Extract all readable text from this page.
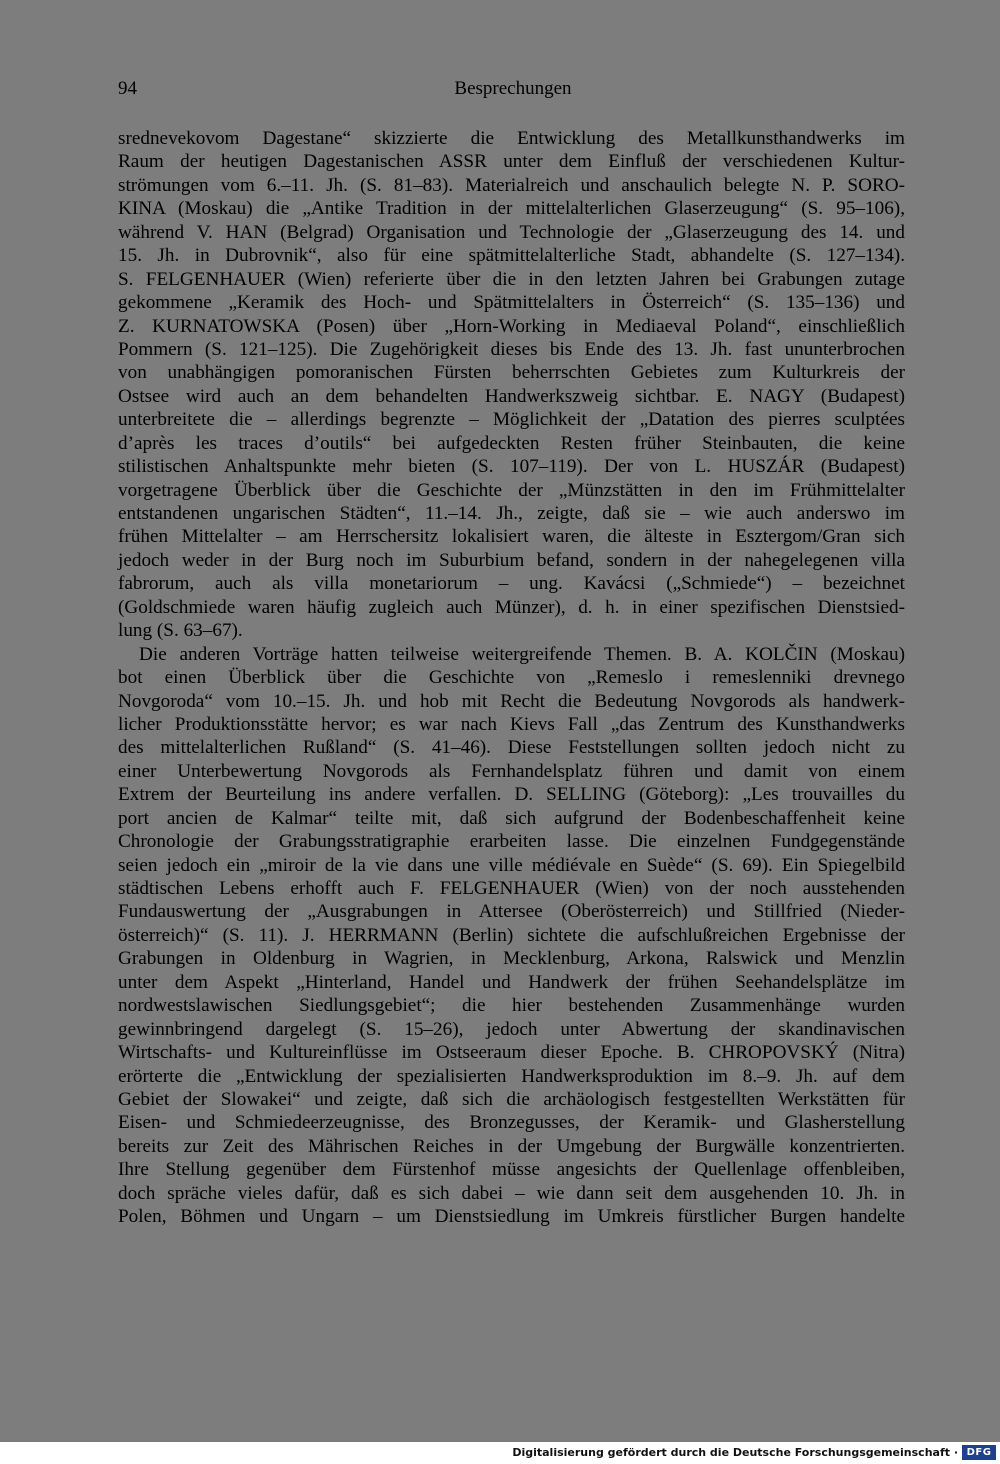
94	Besprechungen
srednevekovom Dagestane“ skizzierte die Entwicklung des Metallkunsthandwerks im
Raum der heutigen Dagestanischen ASSR unter dem Einfluß der verschiedenen Kultur-
strömungen vom 6.–11. Jh. (S. 81–83). Materialreich und anschaulich belegte N. P. SORO-
KINA (Moskau) die „Antike Tradition in der mittelalterlichen Glaserzeugung“ (S. 95–106),
während V. HAN (Belgrad) Organisation und Technologie der „Glaserzeugung des 14. und
15. Jh. in Dubrovnik“, also für eine spätmittelalterliche Stadt, abhandelte (S. 127–134).
S. FELGENHAUER (Wien) referierte über die in den letzten Jahren bei Grabungen zutage
gekommene „Keramik des Hoch- und Spätmittelalters in Österreich“ (S. 135–136) und
Z. KURNATOWSKA (Posen) über „Horn-Working in Mediaeval Poland“, einschließlich
Pommern (S. 121–125). Die Zugehörigkeit dieses bis Ende des 13. Jh. fast ununterbrochen
von unabhängigen pomoranischen Fürsten beherrschten Gebietes zum Kulturkreis der
Ostsee wird auch an dem behandelten Handwerkszweig sichtbar. E. NAGY (Budapest)
unterbreitete die – allerdings begrenzte – Möglichkeit der „Datation des pierres sculptées
d’après les traces d’outils“ bei aufgedeckten Resten früher Steinbauten, die keine
stilistischen Anhaltspunkte mehr bieten (S. 107–119). Der von L. HUSZÁR (Budapest)
vorgetragene Überblick über die Geschichte der „Münzstätten in den im Frühmittelalter
entstandenen ungarischen Städten“, 11.–14. Jh., zeigte, daß sie – wie auch anderswo im
frühen Mittelalter – am Herrschersitz lokalisiert waren, die älteste in Esztergom/Gran sich
jedoch weder in der Burg noch im Suburbium befand, sondern in der nahegelegenen villa
fabrorum, auch als villa monetariorum – ung. Kavácsi („Schmiede“) – bezeichnet
(Goldschmiede waren häufig zugleich auch Münzer), d. h. in einer spezifischen Dienstsied-
lung (S. 63–67).
Die anderen Vorträge hatten teilweise weitergreifende Themen. B. A. KOLČIN (Moskau)
bot einen Überblick über die Geschichte von „Remeslo i remeslenniki drevnego
Novgoroda“ vom 10.–15. Jh. und hob mit Recht die Bedeutung Novgorods als handwerk-
licher Produktionsstätte hervor; es war nach Kievs Fall „das Zentrum des Kunsthandwerks
des mittelalterlichen Rußland“ (S. 41–46). Diese Feststellungen sollten jedoch nicht zu
einer Unterbewertung Novgorods als Fernhandelsplatz führen und damit von einem
Extrem der Beurteilung ins andere verfallen. D. SELLING (Göteborg): „Les trouvailles du
port ancien de Kalmar“ teilte mit, daß sich aufgrund der Bodenbeschaffenheit keine
Chronologie der Grabungsstratigraphie erarbeiten lasse. Die einzelnen Fundgegenstände
seien jedoch ein „miroir de la vie dans une ville médiévale en Suède“ (S. 69). Ein Spiegelbild
städtischen Lebens erhofft auch F. FELGENHAUER (Wien) von der noch ausstehenden
Fundauswertung der „Ausgrabungen in Attersee (Oberösterreich) und Stillfried (Nieder-
österreich)“ (S. 11). J. HERRMANN (Berlin) sichtete die aufschlußreichen Ergebnisse der
Grabungen in Oldenburg in Wagrien, in Mecklenburg, Arkona, Ralswick und Menzlin
unter dem Aspekt „Hinterland, Handel und Handwerk der frühen Seehandelsplätze im
nordwestslawischen Siedlungsgebiet“; die hier bestehenden Zusammenhänge wurden
gewinnbringend dargelegt (S. 15–26), jedoch unter Abwertung der skandinavischen
Wirtschafts- und Kultureinflüsse im Ostseeraum dieser Epoche. B. CHROPOVSKÝ (Nitra)
erörterte die „Entwicklung der spezialisierten Handwerksproduktion im 8.–9. Jh. auf dem
Gebiet der Slowakei“ und zeigte, daß sich die archäologisch festgestellten Werkstätten für
Eisen- und Schmiedeerzeugnisse, des Bronzegusses, der Keramik- und Glasherstellung
bereits zur Zeit des Mährischen Reiches in der Umgebung der Burgwälle konzentrierten.
Ihre Stellung gegenüber dem Fürstenhof müsse angesichts der Quellenlage offenbleiben,
doch spräche vieles dafür, daß es sich dabei – wie dann seit dem ausgehenden 10. Jh. in
Polen, Böhmen und Ungarn – um Dienstsiedlung im Umkreis fürstlicher Burgen handelte
Digitalisierung gefördert durch die Deutsche Forschungsgemeinschaft · DFG
